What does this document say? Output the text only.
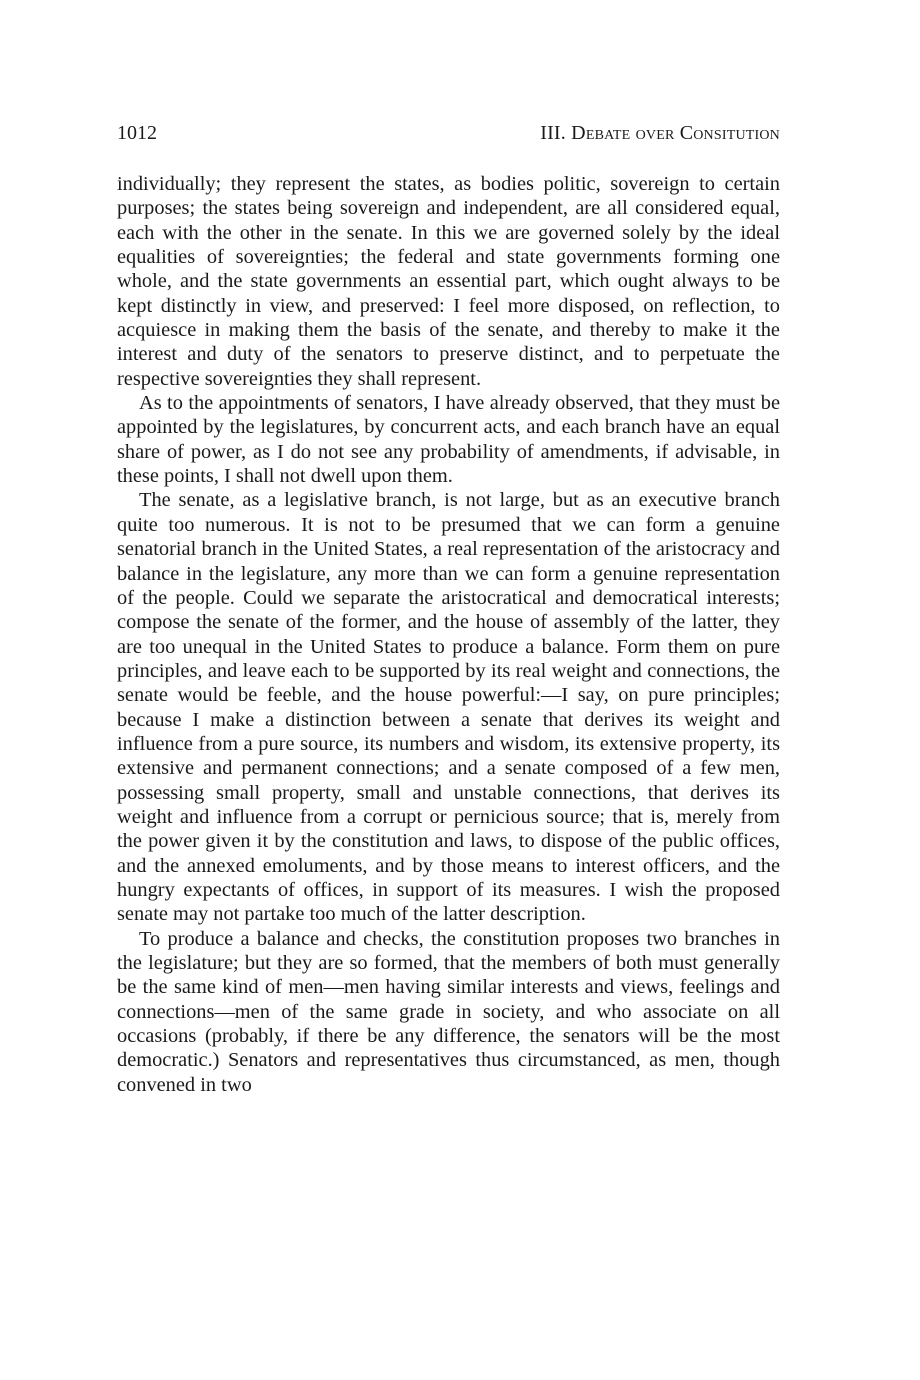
1012	III. Debate over Consitution

individually; they represent the states, as bodies politic, sovereign to certain purposes; the states being sovereign and independent, are all considered equal, each with the other in the senate. In this we are governed solely by the ideal equalities of sovereignties; the federal and state governments forming one whole, and the state governments an essential part, which ought always to be kept distinctly in view, and preserved: I feel more disposed, on reflection, to acquiesce in making them the basis of the senate, and thereby to make it the interest and duty of the senators to preserve distinct, and to perpetuate the respective sovereignties they shall represent.

As to the appointments of senators, I have already observed, that they must be appointed by the legislatures, by concurrent acts, and each branch have an equal share of power, as I do not see any probability of amendments, if advisable, in these points, I shall not dwell upon them.

The senate, as a legislative branch, is not large, but as an executive branch quite too numerous. It is not to be presumed that we can form a genuine senatorial branch in the United States, a real representation of the aristocracy and balance in the legislature, any more than we can form a genuine representation of the people. Could we separate the aristocratical and democratical interests; compose the senate of the former, and the house of assembly of the latter, they are too unequal in the United States to produce a balance. Form them on pure principles, and leave each to be supported by its real weight and connections, the senate would be feeble, and the house powerful:—I say, on pure principles; because I make a distinction between a senate that derives its weight and influence from a pure source, its numbers and wisdom, its extensive property, its extensive and permanent connections; and a senate composed of a few men, possessing small property, small and unstable connections, that derives its weight and influence from a corrupt or pernicious source; that is, merely from the power given it by the constitution and laws, to dispose of the public offices, and the annexed emoluments, and by those means to interest officers, and the hungry expectants of offices, in support of its measures. I wish the proposed senate may not partake too much of the latter description.

To produce a balance and checks, the constitution proposes two branches in the legislature; but they are so formed, that the members of both must generally be the same kind of men—men having similar interests and views, feelings and connections—men of the same grade in society, and who associate on all occasions (probably, if there be any difference, the senators will be the most democratic.) Senators and representatives thus circumstanced, as men, though convened in two
